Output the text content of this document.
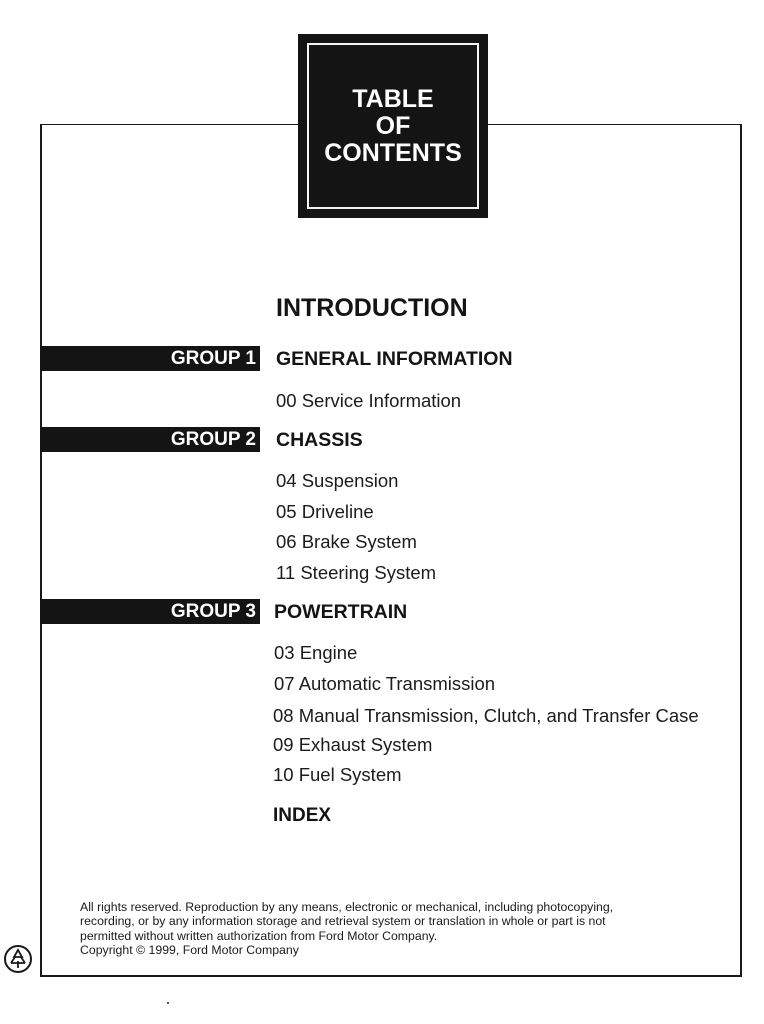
TABLE
OF
CONTENTS
INTRODUCTION
GROUP 1 GENERAL INFORMATION
00 Service Information
GROUP 2 CHASSIS
04 Suspension
05 Driveline
06 Brake System
11 Steering System
GROUP 3 POWERTRAIN
03 Engine
07 Automatic Transmission
08 Manual Transmission, Clutch, and Transfer Case
09 Exhaust System
10 Fuel System
INDEX

All rights reserved. Reproduction by any means, electronic or mechanical, including photocopying,

recording, or by any information storage and retrieval system or translation in whole or part is not

permitted without written authorization from Ford Motor Company.

Copyright © 1999, Ford Motor Company
